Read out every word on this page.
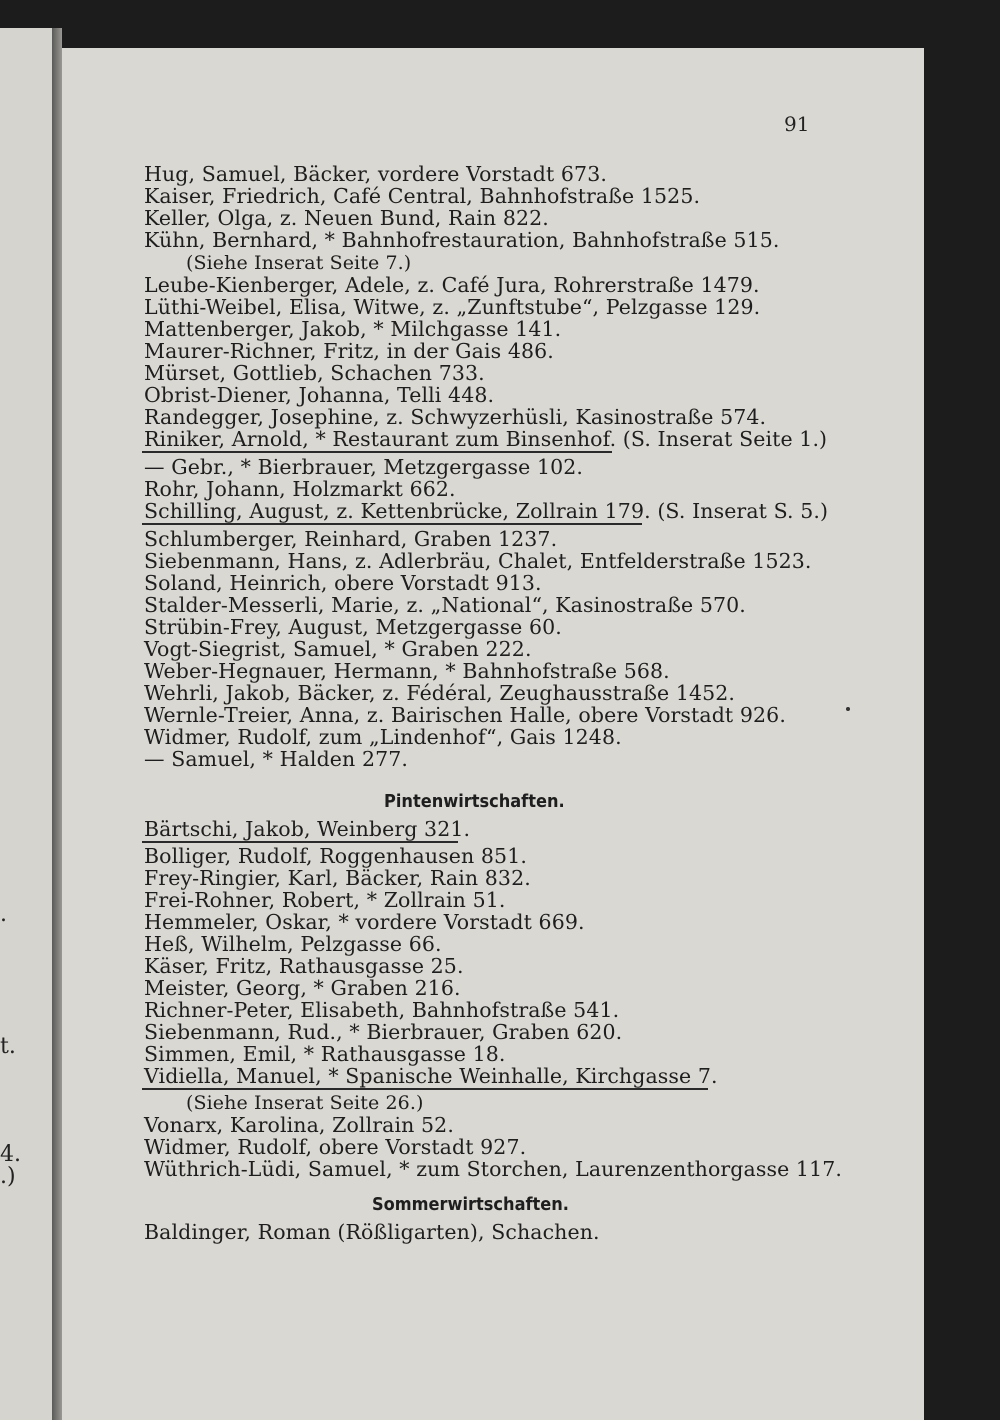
.
t.
4.
.)
91
Hug, Samuel, Bäcker, vordere Vorstadt 673.
Kaiser, Friedrich, Café Central, Bahnhofstraße 1525.
Keller, Olga, z. Neuen Bund, Rain 822.
Kühn, Bernhard, * Bahnhofrestauration, Bahnhofstraße 515.
(Siehe Inserat Seite 7.)
Leube-Kienberger, Adele, z. Café Jura, Rohrerstraße 1479.
Lüthi-Weibel, Elisa, Witwe, z. „Zunftstube“, Pelzgasse 129.
Mattenberger, Jakob, * Milchgasse 141.
Maurer-Richner, Fritz, in der Gais 486.
Mürset, Gottlieb, Schachen 733.
Obrist-Diener, Johanna, Telli 448.
Randegger, Josephine, z. Schwyzerhüsli, Kasinostraße 574.
Riniker, Arnold, * Restaurant zum Binsenhof. (S. Inserat Seite 1.)
— Gebr., * Bierbrauer, Metzgergasse 102.
Rohr, Johann, Holzmarkt 662.
Schilling, August, z. Kettenbrücke, Zollrain 179. (S. Inserat S. 5.)
Schlumberger, Reinhard, Graben 1237.
Siebenmann, Hans, z. Adlerbräu, Chalet, Entfelderstraße 1523.
Soland, Heinrich, obere Vorstadt 913.
Stalder-Messerli, Marie, z. „National“, Kasinostraße 570.
Strübin-Frey, August, Metzgergasse 60.
Vogt-Siegrist, Samuel, * Graben 222.
Weber-Hegnauer, Hermann, * Bahnhofstraße 568.
Wehrli, Jakob, Bäcker, z. Fédéral, Zeughausstraße 1452.
Wernle-Treier, Anna, z. Bairischen Halle, obere Vorstadt 926.
Widmer, Rudolf, zum „Lindenhof“, Gais 1248.
— Samuel, * Halden 277.
Pintenwirtschaften.
Bärtschi, Jakob, Weinberg 321.
Bolliger, Rudolf, Roggenhausen 851.
Frey-Ringier, Karl, Bäcker, Rain 832.
Frei-Rohner, Robert, * Zollrain 51.
Hemmeler, Oskar, * vordere Vorstadt 669.
Heß, Wilhelm, Pelzgasse 66.
Käser, Fritz, Rathausgasse 25.
Meister, Georg, * Graben 216.
Richner-Peter, Elisabeth, Bahnhofstraße 541.
Siebenmann, Rud., * Bierbrauer, Graben 620.
Simmen, Emil, * Rathausgasse 18.
Vidiella, Manuel, * Spanische Weinhalle, Kirchgasse 7.
(Siehe Inserat Seite 26.)
Vonarx, Karolina, Zollrain 52.
Widmer, Rudolf, obere Vorstadt 927.
Wüthrich-Lüdi, Samuel, * zum Storchen, Laurenzenthorgasse 117.
Sommerwirtschaften.
Baldinger, Roman (Rößligarten), Schachen.
